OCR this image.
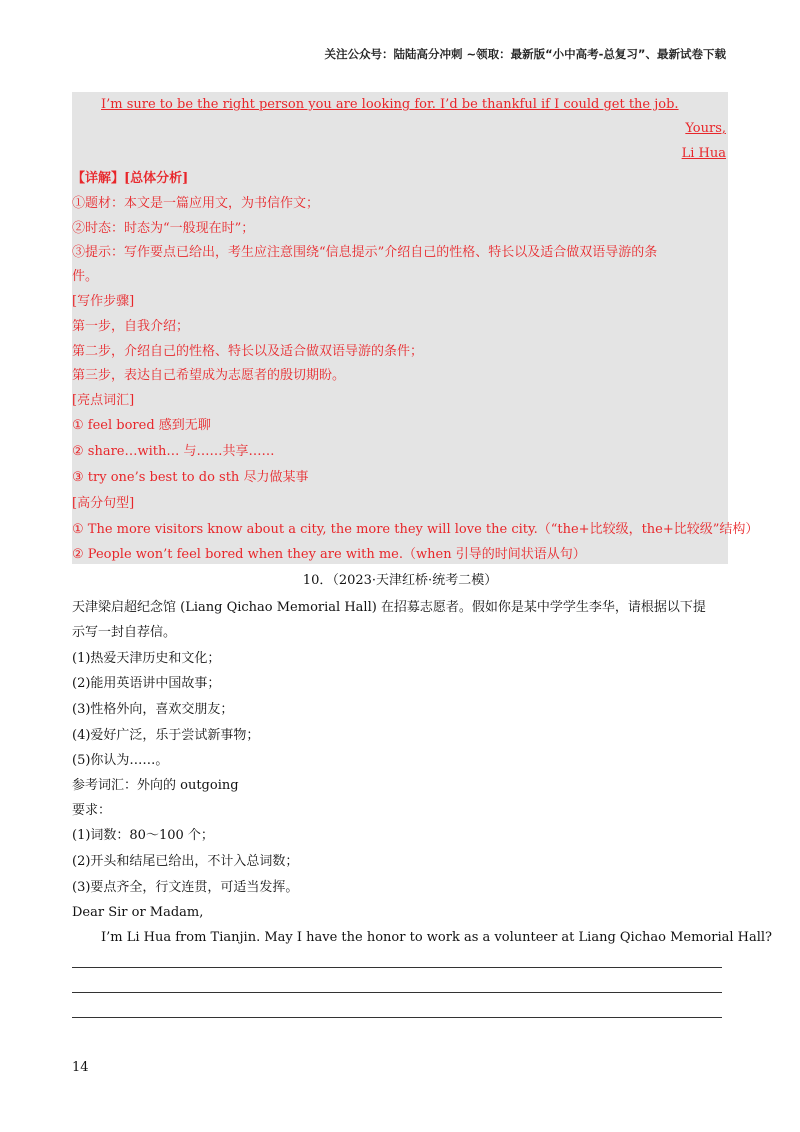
关注公众号：陆陆高分冲刺 ~领取：最新版“小中高考-总复习”、最新试卷下载
I’m sure to be the right person you are looking for. I’d be thankful if I could get the job.
Yours,
Li Hua
【详解】[总体分析]
①题材：本文是一篇应用文，为书信作文；
②时态：时态为“一般现在时”；
③提示：写作要点已给出，考生应注意围绕“信息提示”介绍自己的性格、特长以及适合做双语导游的条
件。
[写作步骤]
第一步，自我介绍；
第二步，介绍自己的性格、特长以及适合做双语导游的条件；
第三步，表达自己希望成为志愿者的殷切期盼。
[亮点词汇]
① feel bored 感到无聊
② share…with… 与……共享……
③ try one’s best to do sth 尽力做某事
[高分句型]
① The more visitors know about a city, the more they will love the city.（“the+比较级，the+比较级”结构）
② People won’t feel bored when they are with me.（when 引导的时间状语从句）
10．（2023·天津红桥·统考二模）
天津梁启超纪念馆 (Liang Qichao Memorial Hall) 在招募志愿者。假如你是某中学学生李华，请根据以下提
示写一封自荐信。
(1)热爱天津历史和文化；
(2)能用英语讲中国故事；
(3)性格外向，喜欢交朋友；
(4)爱好广泛，乐于尝试新事物；
(5)你认为……。
参考词汇：外向的 outgoing
要求：
(1)词数：80～100 个；
(2)开头和结尾已给出，不计入总词数；
(3)要点齐全，行文连贯，可适当发挥。
Dear Sir or Madam,
I’m Li Hua from Tianjin. May I have the honor to work as a volunteer at Liang Qichao Memorial Hall?
14
